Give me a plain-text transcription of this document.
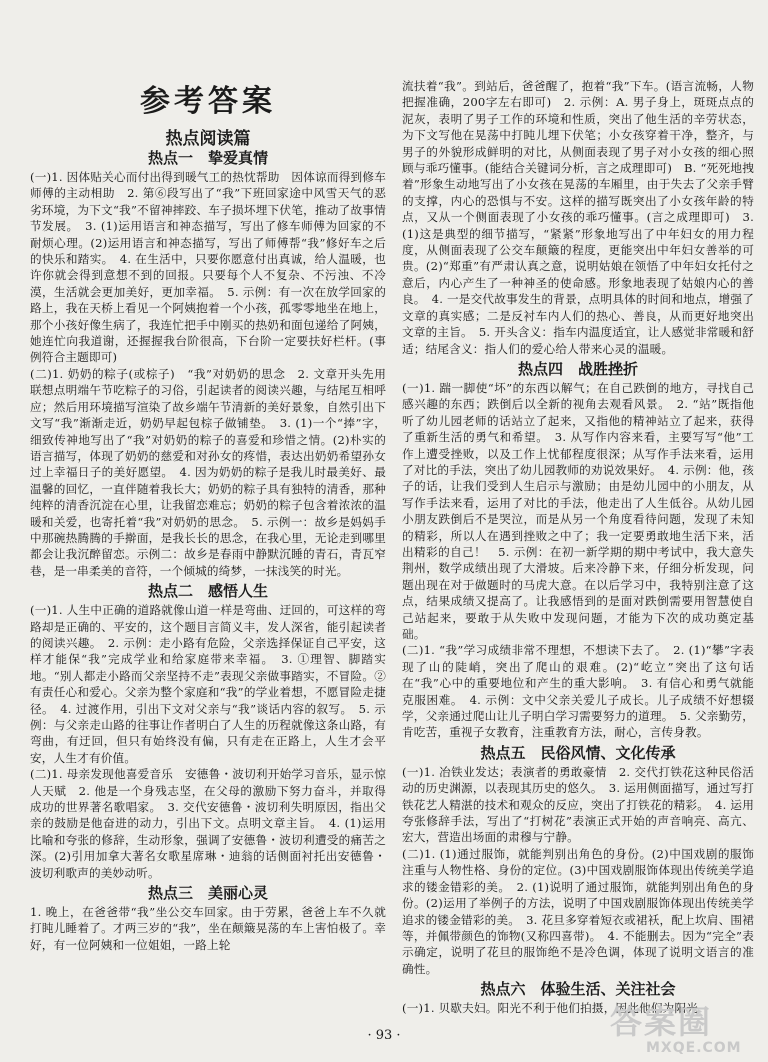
参考答案
热点阅读篇
热点一　挚爱真情
(一)1. 因体贴关心而付出得到暖气工的热忱帮助　因体谅而得到修车师傅的主动相助　2. 第⑥段写出了“我”下班回家途中风雪天气的恶劣环境，为下文“我”不留神摔跤、车子损坏埋下伏笔，推动了故事情节发展。　3. (1)运用语言和神态描写，写出了修车师傅为回家的不耐烦心理。(2)运用语言和神态描写，写出了师傅帮“我”修好车之后的快乐和踏实。　4. 在生活中，只要你愿意付出真诚，给人温暖，也许你就会得到意想不到的回报。只要每个人不复杂、不污浊、不冷漠，生活就会更加美好，更加幸福。　5. 示例：有一次在放学回家的路上，我在天桥上看见一个阿姨抱着一个小孩，孤零零地坐在地上，那个小孩好像生病了，我连忙把手中刚买的热奶和面包递给了阿姨，她连忙向我道谢，还握握我台阶很高，下台阶一定要扶好栏杆。(事例符合主题即可)
(二)1. 奶奶的粽子(或棕子)　“我”对奶奶的思念　2. 文章开头先用联想点明端午节吃粽子的习俗，引起读者的阅读兴趣，与结尾互相呼应；然后用环境描写渲染了故乡端午节清新的美好景象，自然引出下文写“我”渐渐走近，奶奶早起包棕子做铺垫。　3. (1)一个“捧”字，细致传神地写出了“我”对奶奶的粽子的喜爱和珍惜之情。(2)朴实的语言描写，体现了奶奶的慈爱和对孙女的疼惜，表达出奶奶希望孙女过上幸福日子的美好愿望。　4. 因为奶奶的粽子是我儿时最美好、最温馨的回忆，一直伴随着我长大；奶奶的粽子具有独特的清香，那种纯粹的清香沉淀在心里，让我留恋难忘；奶奶的粽子包含着浓浓的温暖和关爱，也寄托着“我”对奶奶的思念。　5. 示例一：故乡是妈妈手中那碗热腾腾的手擀面，是我长长的思念，在我心里，无论走到哪里都会让我沉醉留恋。示例二：故乡是春雨中静默沉睡的青石，青瓦窄巷，是一串柔美的音符，一个倾城的绮梦，一抹浅笑的时光。
热点二　感悟人生
(一)1. 人生中正确的道路就像山道一样是弯曲、迂回的，可这样的弯路却是正确的、平安的，这个题目言简义丰，发人深省，能引起读者的阅读兴趣。　2. 示例：走小路有危险，父亲选择保证自己平安，这样才能保“我”完成学业和给家庭带来幸福。　3. ①理智、脚踏实地。“别人都走小路而父亲坚持不走”表现父亲做事踏实，不冒险。②有责任心和爱心。父亲为整个家庭和“我”的学业着想，不愿冒险走捷径。　4. 过渡作用，引出下文对父亲与“我”谈话内容的叙写。　5. 示例：与父亲走山路的往事让作者明白了人生的历程就像这条山路，有弯曲，有迂回，但只有始终没有偏，只有走在正路上，人生才会平安，人生才有价值。
(二)1. 母亲发现他喜爱音乐　安德鲁・波切利开始学习音乐，显示惊人天赋　2. 他是一个身残志坚，在父母的激励下努力奋斗，并取得成功的世界著名歌唱家。　3. 交代安德鲁・波切利失明原因，指出父亲的鼓励是他奋进的动力，引出下文。点明文章主旨。　4. (1)运用比喻和夸张的修辞，生动形象，强调了安德鲁・波切利遭受的痛苦之深。(2)引用加拿大著名女歌星席琳・迪翁的话侧面衬托出安德鲁・波切利歌声的美妙动听。
热点三　美丽心灵
1. 晚上，在爸爸带“我”坐公交车回家。由于劳累，爸爸上车不久就打盹儿睡着了。才两三岁的“我”，坐在颠簸晃荡的车上害怕极了。幸好，有一位阿姨和一位姐姐，一路上轮
流扶着“我”。到站后，爸爸醒了，抱着“我”下车。(语言流畅，人物把握准确，200字左右即可)　2. 示例：A. 男子身上，斑斑点点的泥灰，表明了男子工作的环境和性质，突出了他生活的辛劳状态，为下文写他在晃荡中打盹儿埋下伏笔；小女孩穿着干净，整齐，与男子的外貌形成鲜明的对比，从侧面表现了男子对小女孩的细心照顾与乖巧懂事。(能结合关键词分析，言之成理即可)　B. “死死地拽着”形象生动地写出了小女孩在晃荡的车厢里，由于失去了父亲手臂的支撑，内心的恐惧与不安。这样的描写既突出了小女孩年龄的特点，又从一个侧面表现了小女孩的乖巧懂事。(言之成理即可)　3. (1)这是典型的细节描写，“紧紧”形象地写出了中年妇女的用力程度，从侧面表现了公交车颠簸的程度，更能突出中年妇女善举的可贵。(2)“郑重”有严肃认真之意，说明姑娘在领悟了中年妇女托付之意后，内心产生了一种神圣的使命感。形象地表现了姑娘内心的善良。　4. 一是交代故事发生的背景，点明具体的时间和地点，增强了文章的真实感；二是反衬车内人们的热心、善良，从而更好地突出文章的主旨。　5. 开头含义：指车内温度适宜，让人感觉非常暖和舒适；结尾含义：指人们的爱心给人带来心灵的温暖。
热点四　战胜挫折
(一)1. 踹一脚使“坏”的东西以解气；在自己跌倒的地方，寻找自己感兴趣的东西；跌倒后以全新的视角去观看风景。　2. “站”既指他听了幼儿园老师的话站立了起来，又指他的精神站立了起来，获得了重新生活的勇气和希望。　3. 从写作内容来看，主要写写“他”工作上遭受挫败，以及工作上忧郁程度很深；从写作手法来看，运用了对比的手法，突出了幼儿园教师的劝说效果好。　4. 示例：他，孩子的话，让我们受到人生启示与激励；由是幼儿园中的小朋友，从写作手法来看，运用了对比的手法，他走出了人生低谷。从幼儿园小朋友跌倒后不是哭泣，而是从另一个角度看待问题，发现了未知的精彩，所以人在遇到挫败之中了；我一定要勇敢地生活下来，活出精彩的自己！　5. 示例：在初一新学期的期中考试中，我大意失荆州，数学成绩出现了大滑坡。后来冷静下来，仔细分析发现，问题出现在对于做题时的马虎大意。在以后学习中，我特别注意了这点，结果成绩又提高了。让我感悟到的是面对跌倒需要用智慧使自己站起来，要敢于从失败中发现问题，才能为下次的成功奠定基础。
(二)1. “我”学习成绩非常不理想，不想读下去了。　2. (1)“攀”字表现了山的陡峭，突出了爬山的艰难。(2)“屹立”突出了这句话在“我”心中的重要地位和产生的重大影响。　3. 有信心和勇气就能克服困难。　4. 示例：文中父亲关爱儿子成长。儿子成绩不好想辍学，父亲通过爬山让儿子明白学习需要努力的道理。　5. 父亲勤劳，肯吃苦，重视子女教育，注重教育方法，耐心，言传身教。
热点五　民俗风情、文化传承
(一)1. 冶铁业发达；表演者的勇敢豪情　2. 交代打铁花这种民俗活动的历史渊源，以表现其历史的悠久。　3. 运用侧面描写，通过写打铁花艺人精湛的技术和观众的反应，突出了打铁花的精彩。　4. 运用夸张修辞手法，写出了“打树花”表演正式开始的声音响亮、高亢、宏大，营造出场面的肃穆与宁静。
(二)1. (1)通过服饰，就能判别出角色的身份。(2)中国戏剧的服饰注重与人物性格、身份的定位。(3)中国戏剧服饰体现出传统美学追求的镂金错彩的美。　2. (1)说明了通过服饰，就能判别出角色的身份。(2)运用了举例子的方法，说明了中国戏剧服饰体现出传统美学追求的镂金错彩的美。　3. 花旦多穿着短衣或裙袄，配上坎肩、围裙等，并佩带颜色的饰物(又称四喜带)。　4. 不能删去。因为“完全”表示确定，说明了花旦的服饰绝不是冷色调，体现了说明文语言的准确性。
热点六　体验生活、关注社会
(一)1. 贝歇夫妇。阳光不利于他们拍摄，因此他们为阳光
· 93 ·	答案圈
MXQE.COM
